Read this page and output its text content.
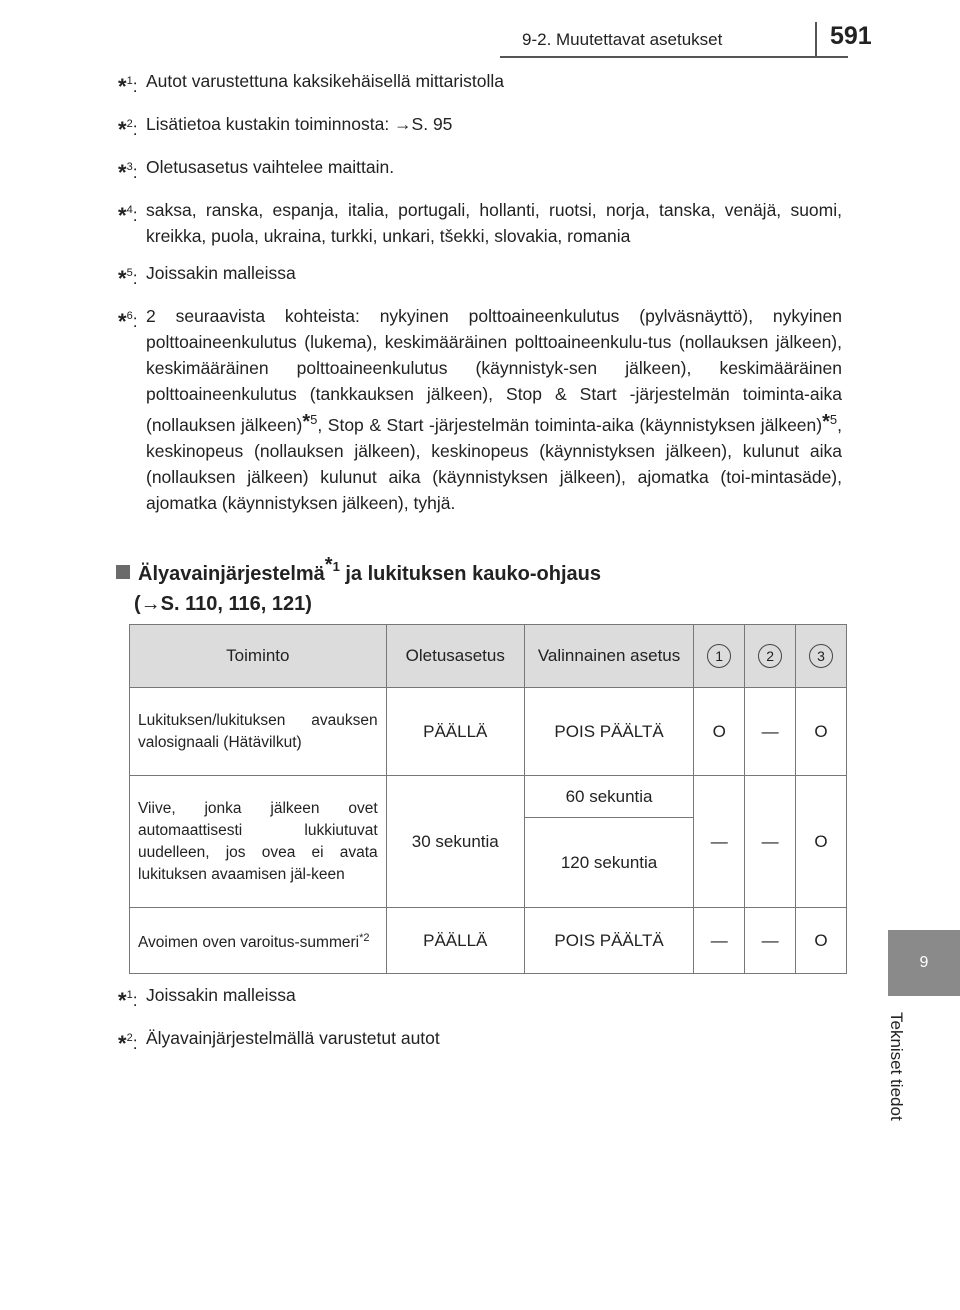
9-2. Muutettavat asetukset	591
9
Tekniset tiedot
*$^1$: Autot varustettuna kaksikehäisellä mittaristolla
*$^2$: Lisätietoa kustakin toiminnosta: →S. 95
*$^3$: Oletusasetus vaihtelee maittain.
*$^4$: saksa, ranska, espanja, italia, portugali, hollanti, ruotsi, norja, tanska, venäjä, suomi, kreikka, puola, ukraina, turkki, unkari, tšekki, slovakia, romania
*$^5$: Joissakin malleissa
*$^6$: 2 seuraavista kohteista: nykyinen polttoaineenkulutus (pylväsnäyttö), nykyinen polttoaineenkulutus (lukema), keskimääräinen polttoaineenkulu-tus (nollauksen jälkeen), keskimääräinen polttoaineenkulutus (käynnistyk-sen jälkeen), keskimääräinen polttoaineenkulutus (tankkauksen jälkeen), Stop & Start -järjestelmän toiminta-aika (nollauksen jälkeen)$^{*5}$, Stop & Start -järjestelmän toiminta-aika (käynnistyksen jälkeen)$^{*5}$, keskinopeus (nollauksen jälkeen), keskinopeus (käynnistyksen jälkeen), kulunut aika (nollauksen jälkeen) kulunut aika (käynnistyksen jälkeen), ajomatka (toi-mintasäde), ajomatka (käynnistyksen jälkeen), tyhjä.
Älyavainjärjestelmä$^{*1}$ ja lukituksen kauko-ohjaus
(→S. 110, 116, 121)
Toiminto	Oletusasetus	Valinnainen asetus	1	2	3
Lukituksen/lukituksen avauksen valosignaali (Hätävilkut)	PÄÄLLÄ	POIS PÄÄLTÄ	O	—	O
Viive, jonka jälkeen ovet automaattisesti lukkiutuvat uudelleen, jos ovea ei avata lukituksen avaamisen jäl-keen	30 sekuntia	60 sekuntia	—	—	O
		120 sekuntia			
Avoimen oven varoitus-summeri$^{*2}$	PÄÄLLÄ	POIS PÄÄLTÄ	—	—	O
*$^1$: Joissakin malleissa
*$^2$: Älyavainjärjestelmällä varustetut autot
